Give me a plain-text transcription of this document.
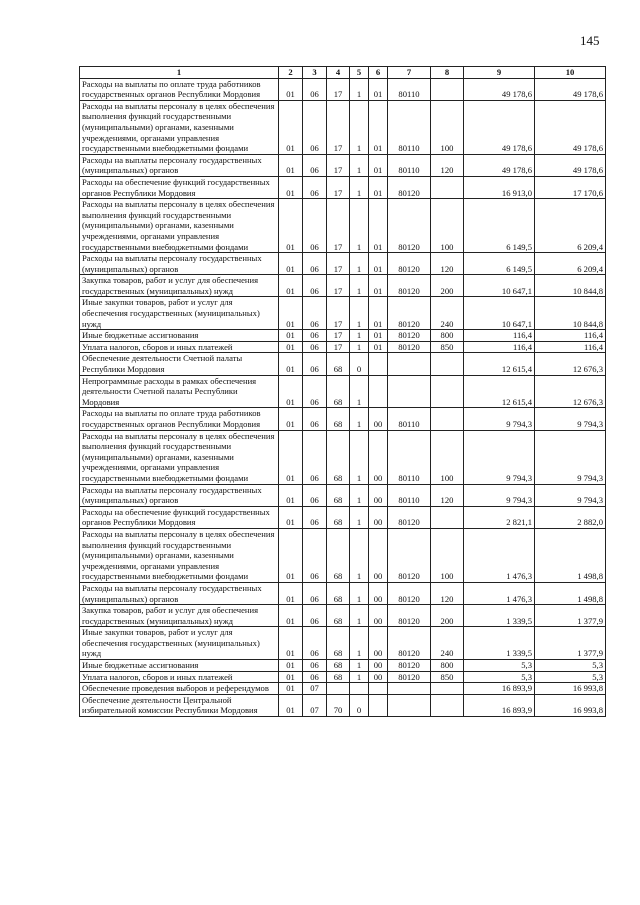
145
1	2	3	4	5	6	7	8	9	10
Расходы на выплаты по оплате труда работников государственных органов Республики Мордовия	01	06	17	1	01	80110		49 178,6	49 178,6
Расходы на выплаты персоналу в целях обеспечения выполнения функций государственными (муниципальными) органами, казенными учреждениями, органами управления государственными внебюджетными фондами	01	06	17	1	01	80110	100	49 178,6	49 178,6
Расходы на выплаты персоналу государственных (муниципальных) органов	01	06	17	1	01	80110	120	49 178,6	49 178,6
Расходы на обеспечение функций государственных органов Республики Мордовия	01	06	17	1	01	80120		16 913,0	17 170,6
Расходы на выплаты персоналу в целях обеспечения выполнения функций государственными (муниципальными) органами, казенными учреждениями, органами управления государственными внебюджетными фондами	01	06	17	1	01	80120	100	6 149,5	6 209,4
Расходы на выплаты персоналу государственных (муниципальных) органов	01	06	17	1	01	80120	120	6 149,5	6 209,4
Закупка товаров, работ и услуг для обеспечения государственных (муниципальных) нужд	01	06	17	1	01	80120	200	10 647,1	10 844,8
Иные закупки товаров, работ и услуг для обеспечения государственных (муниципальных) нужд	01	06	17	1	01	80120	240	10 647,1	10 844,8
Иные бюджетные ассигнования	01	06	17	1	01	80120	800	116,4	116,4
Уплата налогов, сборов и иных платежей	01	06	17	1	01	80120	850	116,4	116,4
Обеспечение деятельности Счетной палаты Республики Мордовия	01	06	68	0				12 615,4	12 676,3
Непрограммные расходы в рамках обеспечения деятельности Счетной палаты Республики Мордовия	01	06	68	1				12 615,4	12 676,3
Расходы на выплаты по оплате труда работников государственных органов Республики Мордовия	01	06	68	1	00	80110		9 794,3	9 794,3
Расходы на выплаты персоналу в целях обеспечения выполнения функций государственными (муниципальными) органами, казенными учреждениями, органами управления государственными внебюджетными фондами	01	06	68	1	00	80110	100	9 794,3	9 794,3
Расходы на выплаты персоналу государственных (муниципальных) органов	01	06	68	1	00	80110	120	9 794,3	9 794,3
Расходы на обеспечение функций государственных органов Республики Мордовия	01	06	68	1	00	80120		2 821,1	2 882,0
Расходы на выплаты персоналу в целях обеспечения выполнения функций государственными (муниципальными) органами, казенными учреждениями, органами управления государственными внебюджетными фондами	01	06	68	1	00	80120	100	1 476,3	1 498,8
Расходы на выплаты персоналу государственных (муниципальных) органов	01	06	68	1	00	80120	120	1 476,3	1 498,8
Закупка товаров, работ и услуг для обеспечения государственных (муниципальных) нужд	01	06	68	1	00	80120	200	1 339,5	1 377,9
Иные закупки товаров, работ и услуг для обеспечения государственных (муниципальных) нужд	01	06	68	1	00	80120	240	1 339,5	1 377,9
Иные бюджетные ассигнования	01	06	68	1	00	80120	800	5,3	5,3
Уплата налогов, сборов и иных платежей	01	06	68	1	00	80120	850	5,3	5,3
Обеспечение проведения выборов и референдумов	01	07						16 893,9	16 993,8
Обеспечение деятельности Центральной избирательной комиссии Республики Мордовия	01	07	70	0				16 893,9	16 993,8
